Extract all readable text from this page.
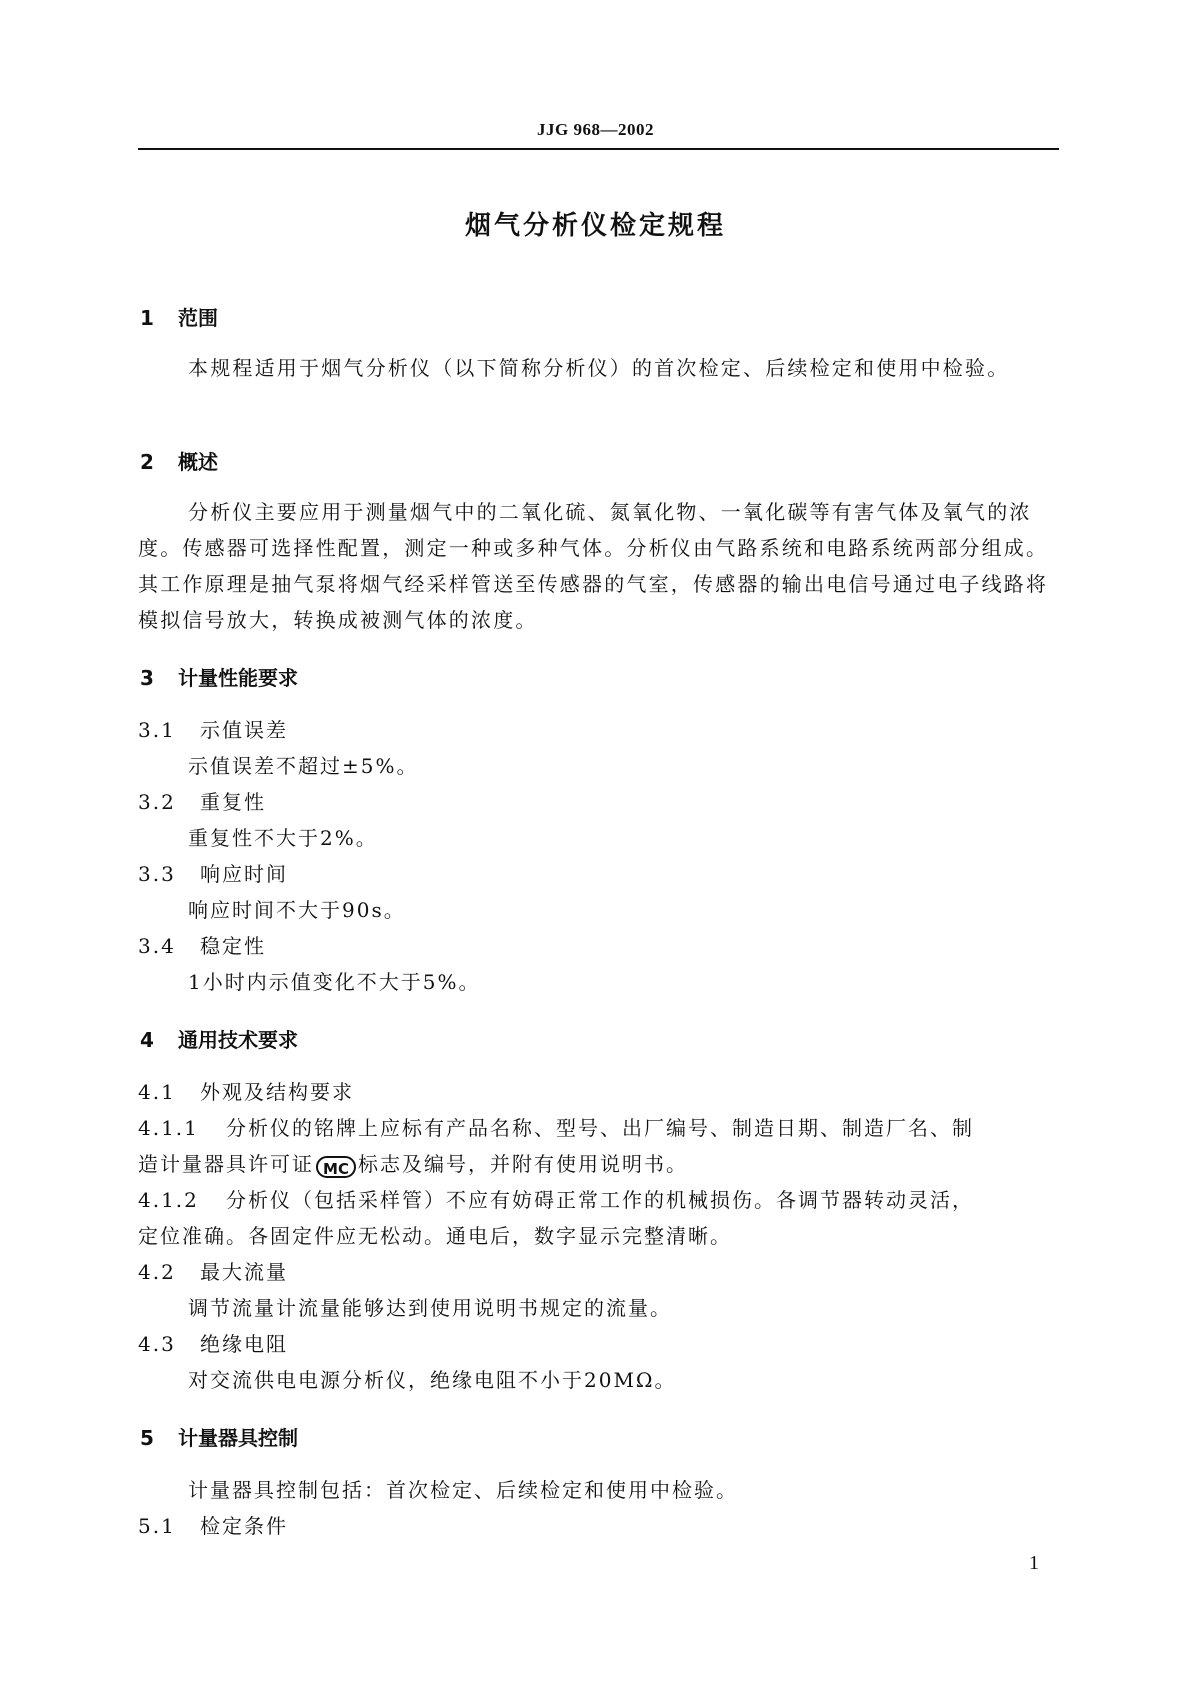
JJG 968—2002
烟气分析仪检定规程
1 范围

本规程适用于烟气分析仪（以下简称分析仪）的首次检定、后续检定和使用中检验。

2 概述

分析仪主要应用于测量烟气中的二氧化硫、氮氧化物、一氧化碳等有害气体及氧气的浓度。传感器可选择性配置，测定一种或多种气体。分析仪由气路系统和电路系统两部分组成。其工作原理是抽气泵将烟气经采样管送至传感器的气室，传感器的输出电信号通过电子线路将模拟信号放大，转换成被测气体的浓度。

3 计量性能要求
3.1 示值误差
示值误差不超过±5%。
3.2 重复性
重复性不大于2%。
3.3 响应时间
响应时间不大于90s。
3.4 稳定性
1小时内示值变化不大于5%。
4 通用技术要求
4.1 外观及结构要求
4.1.1 分析仪的铭牌上应标有产品名称、型号、出厂编号、制造日期、制造厂名、制
造计量器具许可证 MC 标志及编号，并附有使用说明书。
4.1.2 分析仪（包括采样管）不应有妨碍正常工作的机械损伤。各调节器转动灵活，
定位准确。各固定件应无松动。通电后，数字显示完整清晰。
4.2 最大流量
调节流量计流量能够达到使用说明书规定的流量。
4.3 绝缘电阻
对交流供电电源分析仪，绝缘电阻不小于20MΩ。
5 计量器具控制
计量器具控制包括：首次检定、后续检定和使用中检验。
5.1 检定条件
1
